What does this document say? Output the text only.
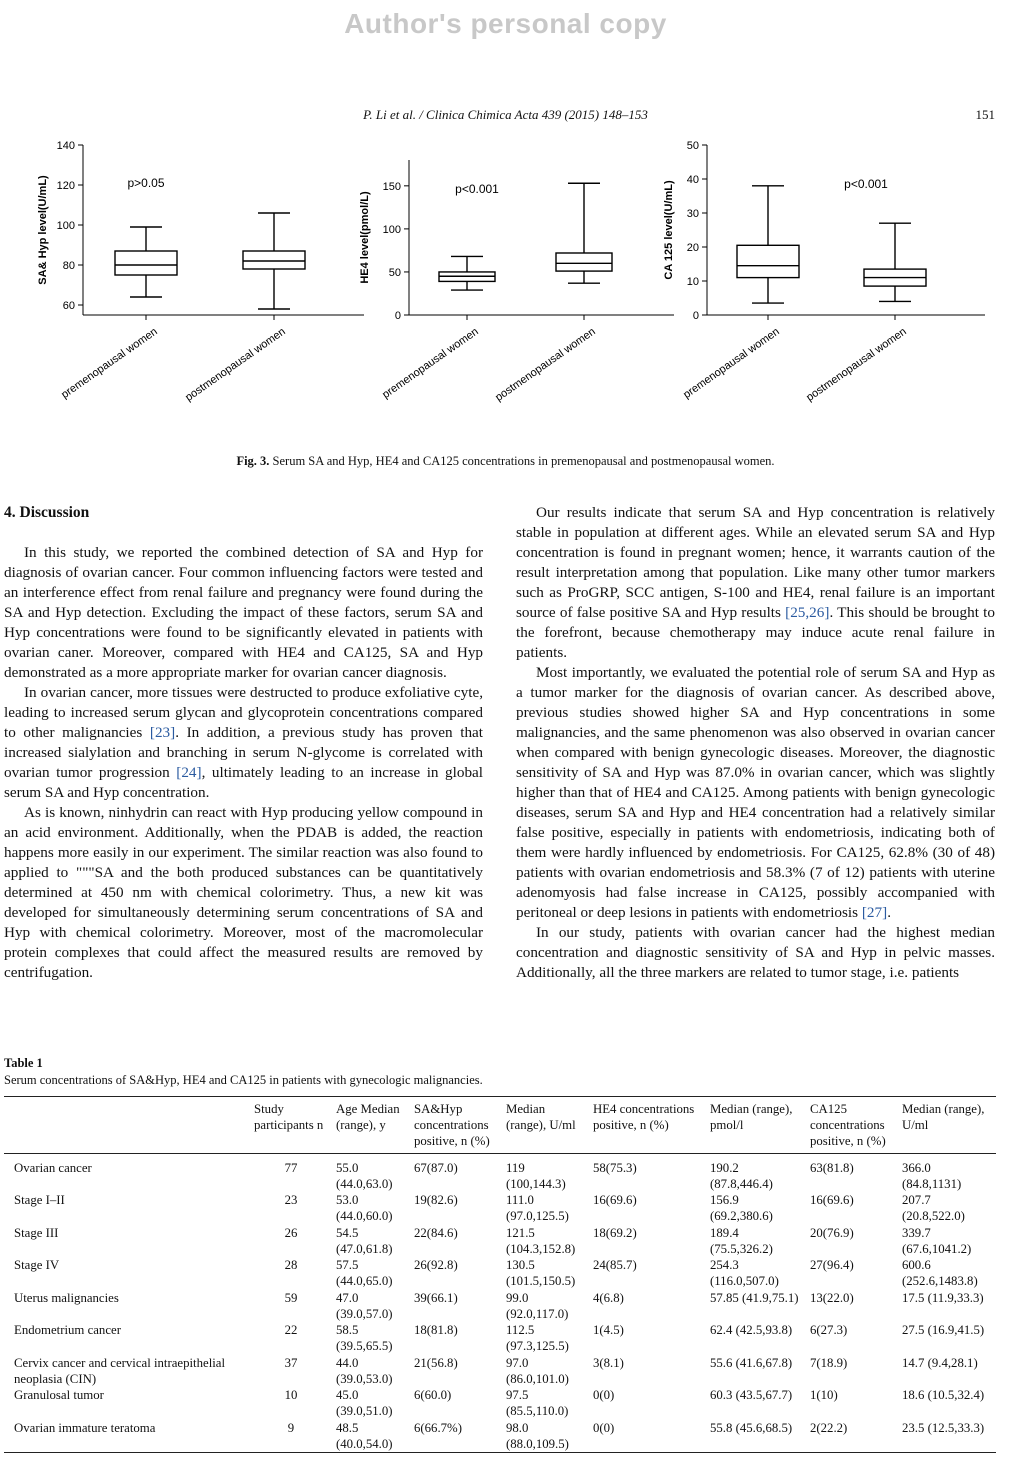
Author's personal copy
P. Li et al. / Clinica Chimica Acta 439 (2015) 148–153	151
60
80
100
120
140
premenopausal women postmenopausal women
p>0.05
SA& Hyp level(U/mL)
0
50
100
150
premenopausal women postmenopausal women
p<0.001
HE4 level(pmol/L)
0
10
20
30
40
50
premenopausal women postmenopausal women
p<0.001
CA 125 level(U/mL)
Fig. 3. Serum SA and Hyp, HE4 and CA125 concentrations in premenopausal and postmenopausal women.
4. Discussion

In this study, we reported the combined detection of SA and Hyp for diagnosis of ovarian cancer. Four common influencing factors were tested and an interference effect from renal failure and pregnancy were found during the SA and Hyp detection. Excluding the impact of these factors, serum SA and Hyp concentrations were found to be significantly elevated in patients with ovarian caner. Moreover, compared with HE4 and CA125, SA and Hyp demonstrated as a more appropriate marker for ovarian cancer diagnosis.

In ovarian cancer, more tissues were destructed to produce exfoliative cyte, leading to increased serum glycan and glycoprotein concentrations compared to other malignancies [23]. In addition, a previous study has proven that increased sialylation and branching in serum N-glycome is correlated with ovarian tumor progression [24], ultimately leading to an increase in global serum SA and Hyp concentration.

As is known, ninhydrin can react with Hyp producing yellow compound in an acid environment. Additionally, when the PDAB is added, the reaction happens more easily in our experiment. The similar reaction was also found to applied to """SA and the both produced substances can be quantitatively determined at 450 nm with chemical colorimetry. Thus, a new kit was developed for simultaneously determining serum concentrations of SA and Hyp with chemical colorimetry. Moreover, most of the macromolecular protein complexes that could affect the measured results are removed by centrifugation.

Our results indicate that serum SA and Hyp concentration is relatively stable in population at different ages. While an elevated serum SA and Hyp concentration is found in pregnant women; hence, it warrants caution of the result interpretation among that population. Like many other tumor markers such as ProGRP, SCC antigen, S-100 and HE4, renal failure is an important source of false positive SA and Hyp results [25,26]. This should be brought to the forefront, because chemotherapy may induce acute renal failure in patients.

Most importantly, we evaluated the potential role of serum SA and Hyp as a tumor marker for the diagnosis of ovarian cancer. As described above, previous studies showed higher SA and Hyp concentrations in some malignancies, and the same phenomenon was also observed in ovarian cancer when compared with benign gynecologic diseases. Moreover, the diagnostic sensitivity of SA and Hyp was 87.0% in ovarian cancer, which was slightly higher than that of HE4 and CA125. Among patients with benign gynecologic diseases, serum SA and Hyp and HE4 concentration had a relatively similar false positive, especially in patients with endometriosis, indicating both of them were hardly influenced by endometriosis. For CA125, 62.8% (30 of 48) patients with ovarian endometriosis and 58.3% (7 of 12) patients with uterine adenomyosis had false increase in CA125, possibly accompanied with peritoneal or deep lesions in patients with endometriosis [27].

In our study, patients with ovarian cancer had the highest median concentration and diagnostic sensitivity of SA and Hyp in pelvic masses. Additionally, all the three markers are related to tumor stage, i.e. patients

Table 1
Serum concentrations of SA&Hyp, HE4 and CA125 in patients with gynecologic malignancies.
	Study participants n	Age Median (range), y	SA&Hyp concentrations positive, n (%)	Median (range), U/ml	HE4 concentrations positive, n (%)	Median (range), pmol/l	CA125 concentrations positive, n (%)	Median (range), U/ml
Ovarian cancer	77	55.0 (44.0,63.0)	67(87.0)	119 (100,144.3)	58(75.3)	190.2 (87.8,446.4)	63(81.8)	366.0 (84.8,1131)
Stage I–II	23	53.0 (44.0,60.0)	19(82.6)	111.0 (97.0,125.5)	16(69.6)	156.9 (69.2,380.6)	16(69.6)	207.7 (20.8,522.0)
Stage III	26	54.5 (47.0,61.8)	22(84.6)	121.5 (104.3,152.8)	18(69.2)	189.4 (75.5,326.2)	20(76.9)	339.7 (67.6,1041.2)
Stage IV	28	57.5 (44.0,65.0)	26(92.8)	130.5 (101.5,150.5)	24(85.7)	254.3 (116.0,507.0)	27(96.4)	600.6 (252.6,1483.8)
Uterus malignancies	59	47.0 (39.0,57.0)	39(66.1)	99.0 (92.0,117.0)	4(6.8)	57.85 (41.9,75.1)	13(22.0)	17.5 (11.9,33.3)
Endometrium cancer	22	58.5 (39.5,65.5)	18(81.8)	112.5 (97.3,125.5)	1(4.5)	62.4 (42.5,93.8)	6(27.3)	27.5 (16.9,41.5)
Cervix cancer and cervical intraepithelial neoplasia (CIN)	37	44.0 (39.0,53.0)	21(56.8)	97.0 (86.0,101.0)	3(8.1)	55.6 (41.6,67.8)	7(18.9)	14.7 (9.4,28.1)
Granulosal tumor	10	45.0 (39.0,51.0)	6(60.0)	97.5 (85.5,110.0)	0(0)	60.3 (43.5,67.7)	1(10)	18.6 (10.5,32.4)
Ovarian immature teratoma	9	48.5 (40.0,54.0)	6(66.7%)	98.0 (88.0,109.5)	0(0)	55.8 (45.6,68.5)	2(22.2)	23.5 (12.5,33.3)
